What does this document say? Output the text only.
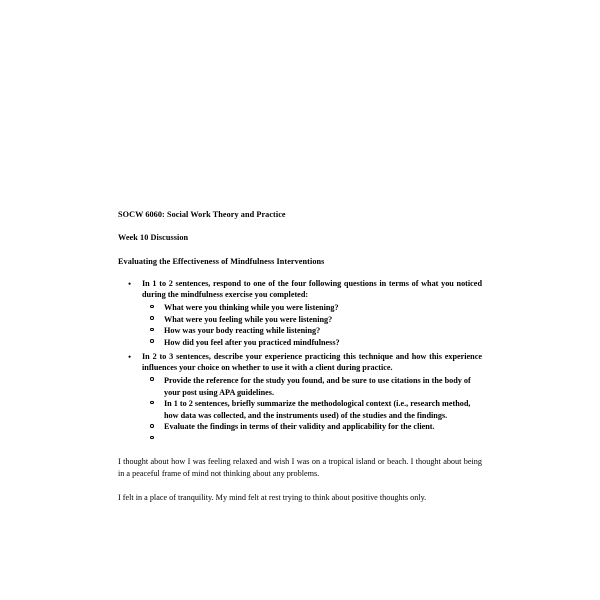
SOCW 6060: Social Work Theory and Practice

Week 10 Discussion

Evaluating the Effectiveness of Mindfulness Interventions

• In 1 to 2 sentences, respond to one of the four following questions in terms of what you noticed during the mindfulness exercise you completed:
What were you thinking while you were listening?
What were you feeling while you were listening?
How was your body reacting while listening?
How did you feel after you practiced mindfulness?
• In 2 to 3 sentences, describe your experience practicing this technique and how this experience influences your choice on whether to use it with a client during practice.
Provide the reference for the study you found, and be sure to use citations in the body of your post using APA guidelines.
In 1 to 2 sentences, briefly summarize the methodological context (i.e., research method, how data was collected, and the instruments used) of the studies and the findings.
Evaluate the findings in terms of their validity and applicability for the client.

I thought about how I was feeling relaxed and wish I was on a tropical island or beach. I thought about being in a peaceful frame of mind not thinking about any problems.

I felt in a place of tranquility. My mind felt at rest trying to think about positive thoughts only.
